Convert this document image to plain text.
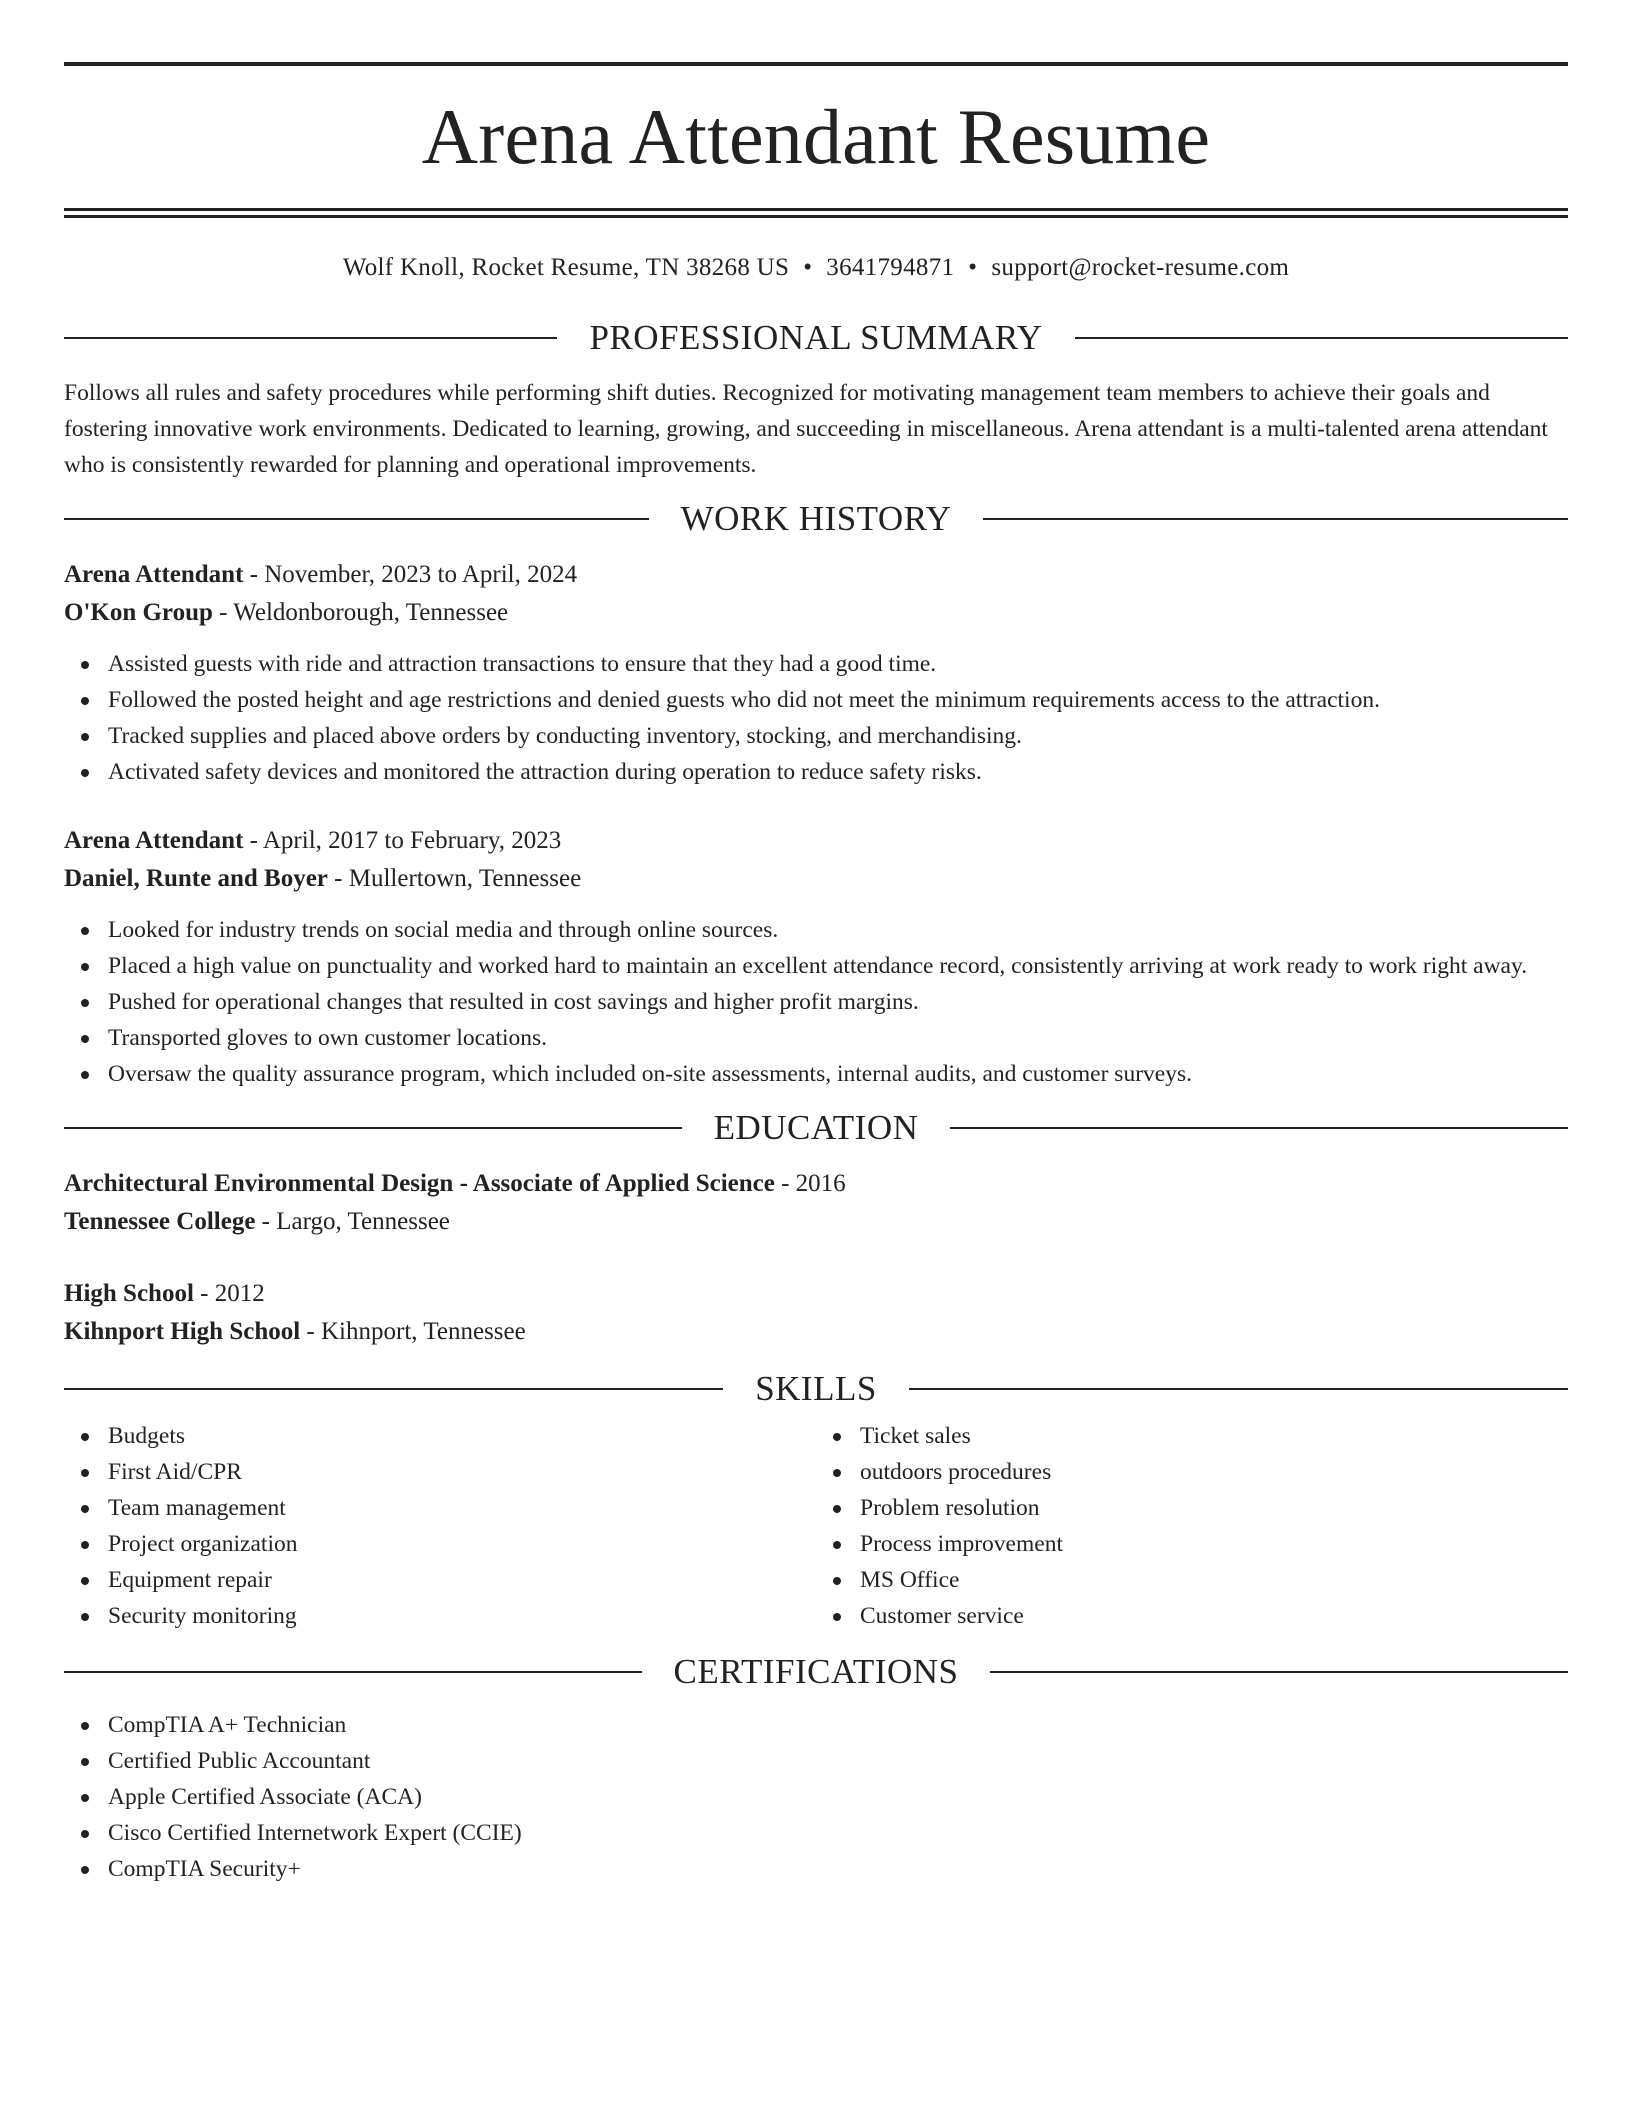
Arena Attendant Resume
Wolf Knoll, Rocket Resume, TN 38268 US • 3641794871 • support@rocket-resume.com
PROFESSIONAL SUMMARY

Follows all rules and safety procedures while performing shift duties. Recognized for motivating management team members to achieve their goals and fostering innovative work environments. Dedicated to learning, growing, and succeeding in miscellaneous. Arena attendant is a multi-talented arena attendant who is consistently rewarded for planning and operational improvements.

WORK HISTORY
Arena Attendant - November, 2023 to April, 2024
O'Kon Group - Weldonborough, Tennessee
Assisted guests with ride and attraction transactions to ensure that they had a good time.
Followed the posted height and age restrictions and denied guests who did not meet the minimum requirements access to the attraction.
Tracked supplies and placed above orders by conducting inventory, stocking, and merchandising.
Activated safety devices and monitored the attraction during operation to reduce safety risks.
Arena Attendant - April, 2017 to February, 2023
Daniel, Runte and Boyer - Mullertown, Tennessee
Looked for industry trends on social media and through online sources.
Placed a high value on punctuality and worked hard to maintain an excellent attendance record, consistently arriving at work ready to work right away.
Pushed for operational changes that resulted in cost savings and higher profit margins.
Transported gloves to own customer locations.
Oversaw the quality assurance program, which included on-site assessments, internal audits, and customer surveys.
EDUCATION
Architectural Environmental Design - Associate of Applied Science - 2016
Tennessee College - Largo, Tennessee
High School - 2012
Kihnport High School - Kihnport, Tennessee
SKILLS
Budgets
First Aid/CPR
Team management
Project organization
Equipment repair
Security monitoring
Ticket sales
outdoors procedures
Problem resolution
Process improvement
MS Office
Customer service
CERTIFICATIONS
CompTIA A+ Technician
Certified Public Accountant
Apple Certified Associate (ACA)
Cisco Certified Internetwork Expert (CCIE)
CompTIA Security+
